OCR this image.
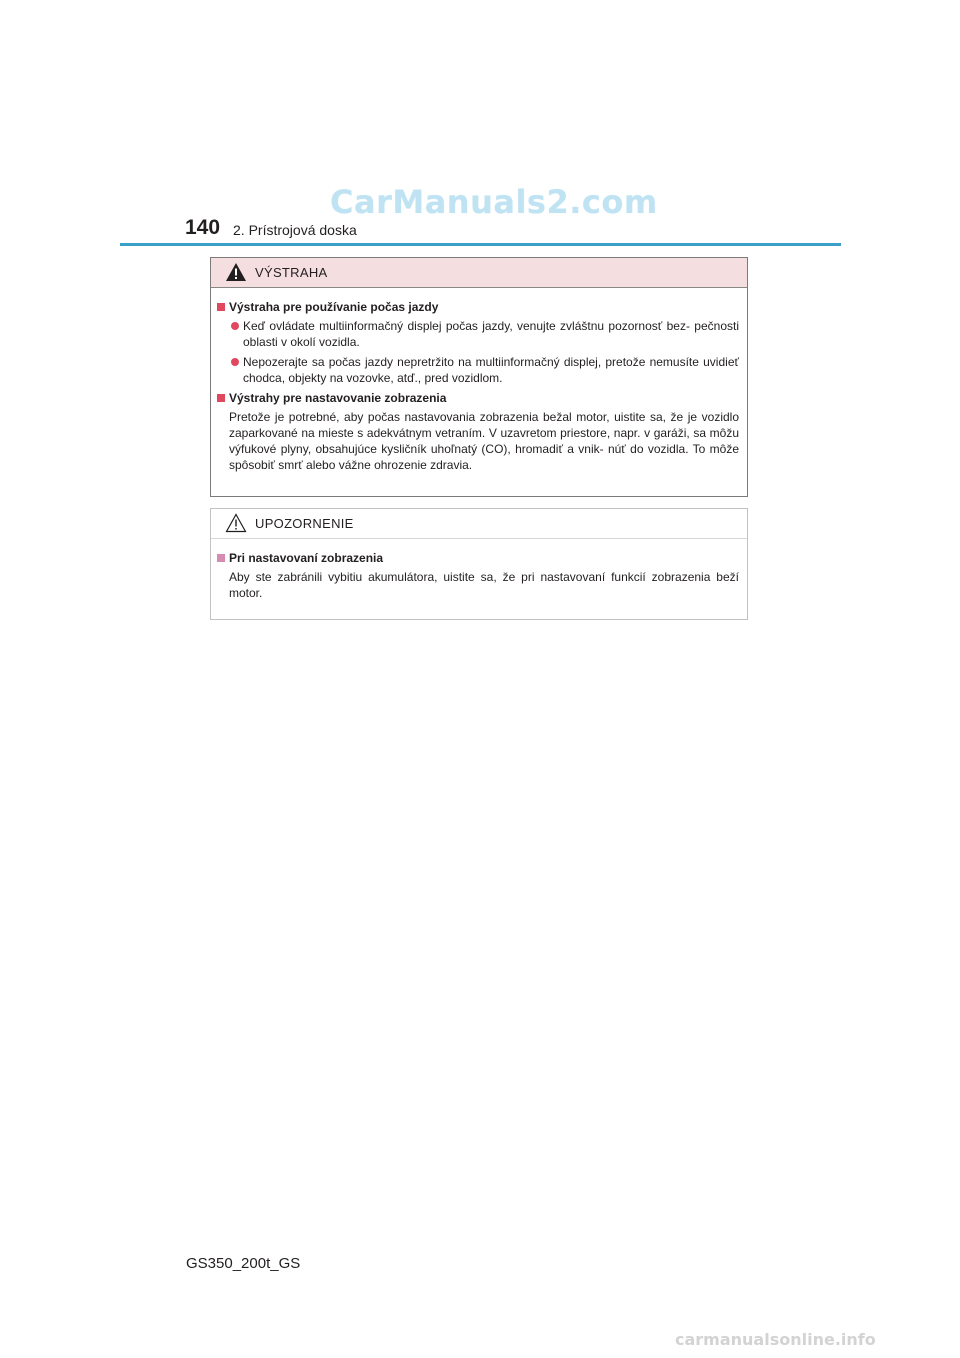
CarManuals2.com
140 2. Prístrojová doska
VÝSTRAHA
Výstraha pre používanie počas jazdy
Keď ovládate multiinformačný displej počas jazdy, venujte zvláštnu pozornosť bez- pečnosti oblasti v okolí vozidla.
Nepozerajte sa počas jazdy nepretržito na multiinformačný displej, pretože nemusíte uvidieť chodca, objekty na vozovke, atď., pred vozidlom.
Výstrahy pre nastavovanie zobrazenia
Pretože je potrebné, aby počas nastavovania zobrazenia bežal motor, uistite sa, že je vozidlo zaparkované na mieste s adekvátnym vetraním. V uzavretom priestore, napr. v garáži, sa môžu výfukové plyny, obsahujúce kysličník uhoľnatý (CO), hromadiť a vnik- núť do vozidla. To môže spôsobiť smrť alebo vážne ohrozenie zdravia.
UPOZORNENIE
Pri nastavovaní zobrazenia
Aby ste zabránili vybitiu akumulátora, uistite sa, že pri nastavovaní funkcií zobrazenia beží motor.
GS350_200t_GS
carmanualsonline.info
